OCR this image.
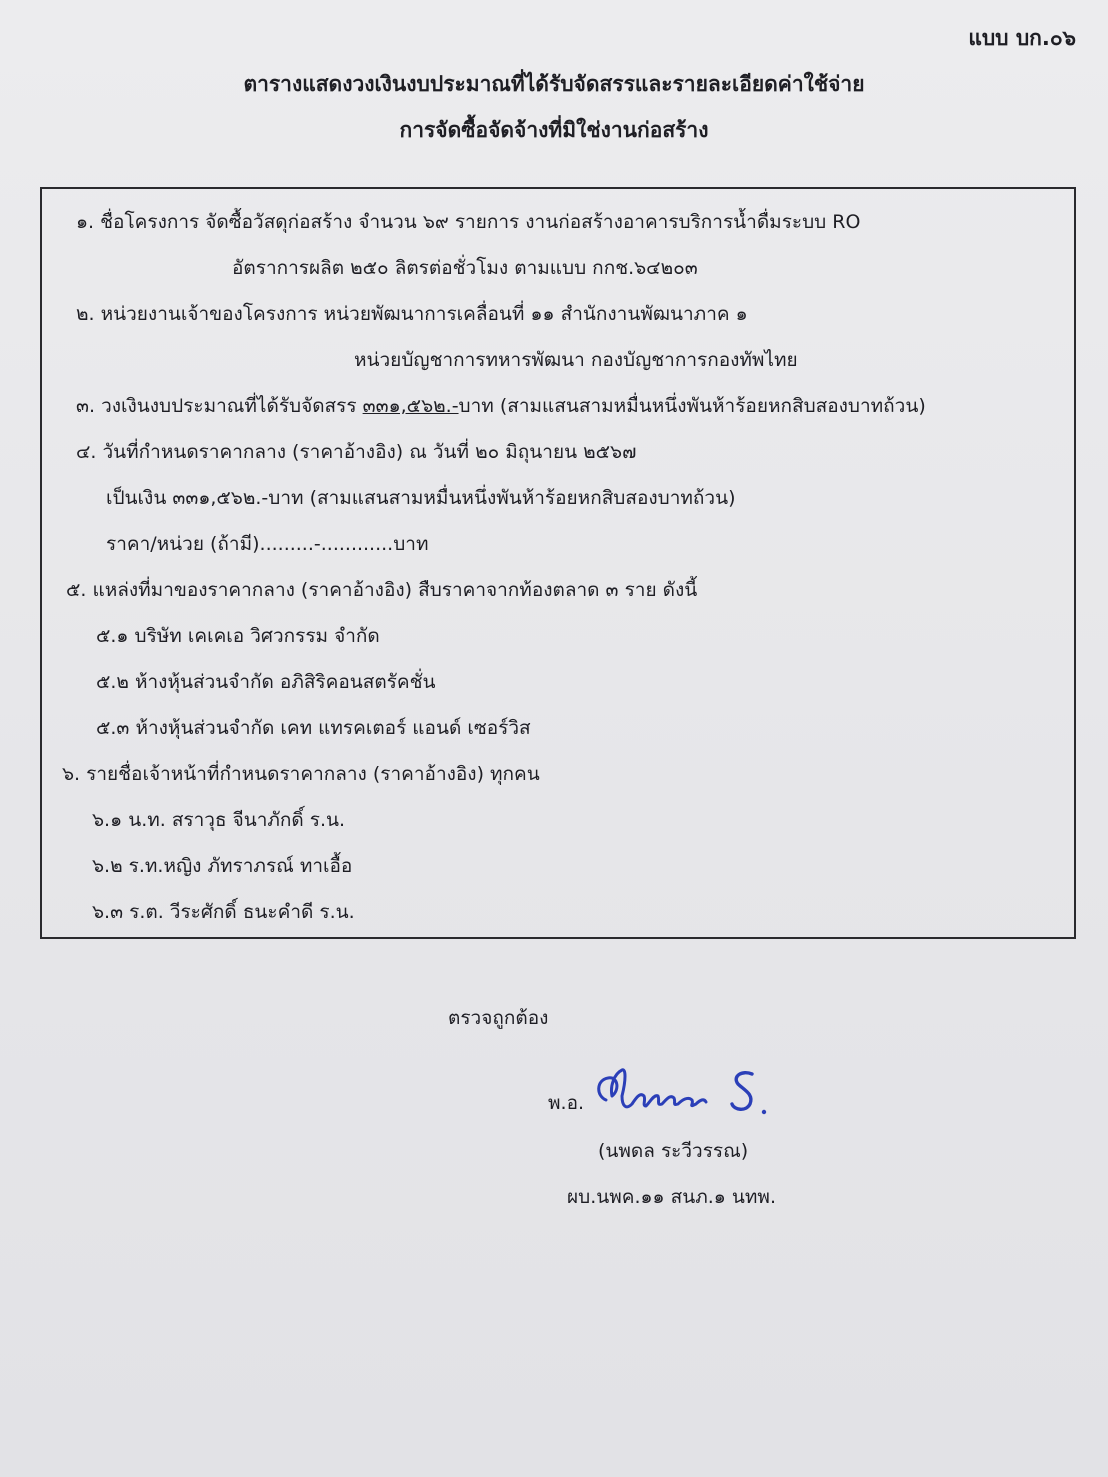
แบบ บก.๐๖
ตารางแสดงวงเงินงบประมาณที่ได้รับจัดสรรและรายละเอียดค่าใช้จ่าย
การจัดซื้อจัดจ้างที่มิใช่งานก่อสร้าง
๑. ชื่อโครงการ จัดซื้อวัสดุก่อสร้าง จำนวน ๖๙ รายการ งานก่อสร้างอาคารบริการน้ำดื่มระบบ RO
อัตราการผลิต ๒๕๐ ลิตรต่อชั่วโมง ตามแบบ กกช.๖๔๒๐๓
๒. หน่วยงานเจ้าของโครงการ หน่วยพัฒนาการเคลื่อนที่ ๑๑ สำนักงานพัฒนาภาค ๑
หน่วยบัญชาการทหารพัฒนา กองบัญชาการกองทัพไทย
๓. วงเงินงบประมาณที่ได้รับจัดสรร ๓๓๑,๕๖๒.-บาท (สามแสนสามหมื่นหนึ่งพันห้าร้อยหกสิบสองบาทถ้วน)
๔. วันที่กำหนดราคากลาง (ราคาอ้างอิง) ณ วันที่ ๒๐ มิถุนายน ๒๕๖๗
เป็นเงิน ๓๓๑,๕๖๒.-บาท (สามแสนสามหมื่นหนึ่งพันห้าร้อยหกสิบสองบาทถ้วน)
ราคา/หน่วย (ถ้ามี).........-............บาท
๕. แหล่งที่มาของราคากลาง (ราคาอ้างอิง) สืบราคาจากท้องตลาด ๓ ราย ดังนี้
๕.๑ บริษัท เคเคเอ วิศวกรรม จำกัด
๕.๒ ห้างหุ้นส่วนจำกัด อภิสิริคอนสตรัคชั่น
๕.๓ ห้างหุ้นส่วนจำกัด เคท แทรคเตอร์ แอนด์ เซอร์วิส
๖. รายชื่อเจ้าหน้าที่กำหนดราคากลาง (ราคาอ้างอิง) ทุกคน
๖.๑ น.ท. สราวุธ จีนาภักดิ์ ร.น.
๖.๒ ร.ท.หญิง ภัทราภรณ์ ทาเอื้อ
๖.๓ ร.ต. วีระศักดิ์ ธนะคำดี ร.น.
ตรวจถูกต้อง
พ.อ.
(นพดล ระวีวรรณ)
ผบ.นพค.๑๑ สนภ.๑ นทพ.
